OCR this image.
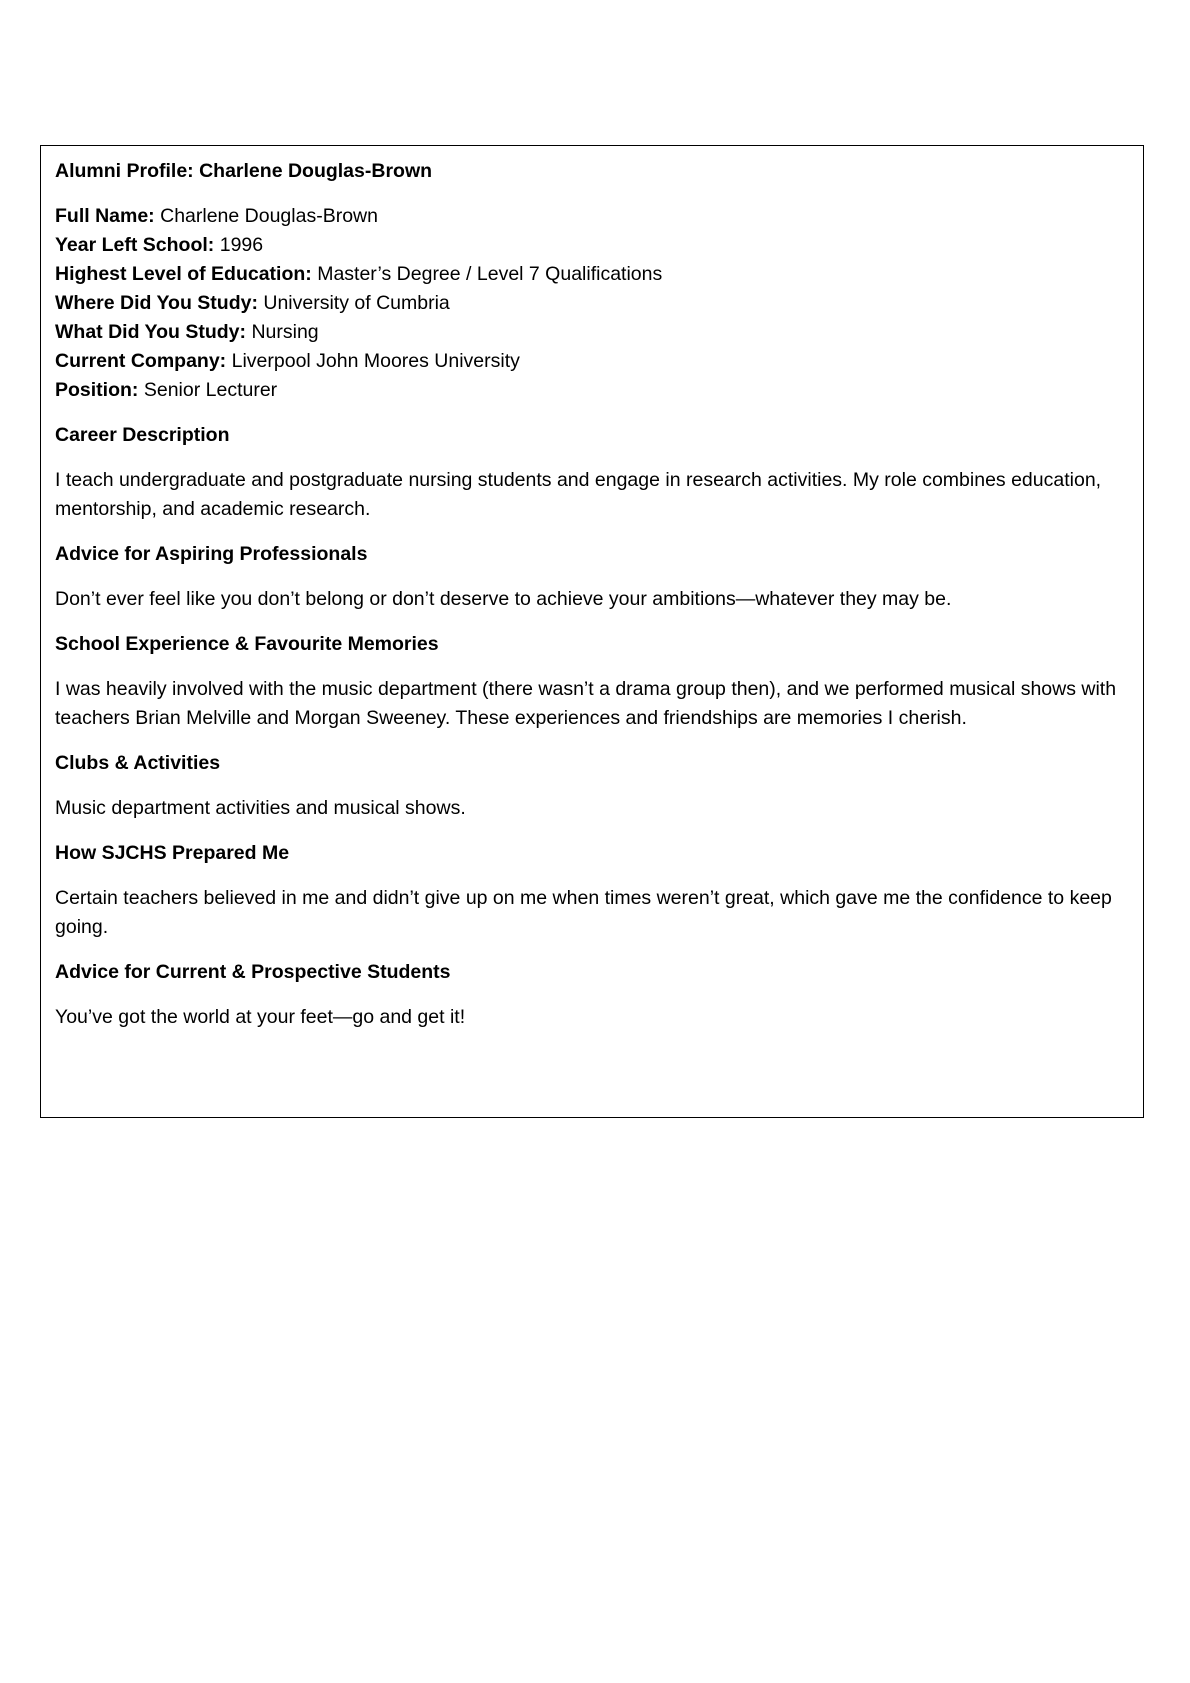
Alumni Profile: Charlene Douglas-Brown
Full Name: Charlene Douglas-Brown
Year Left School: 1996
Highest Level of Education: Master’s Degree / Level 7 Qualifications
Where Did You Study: University of Cumbria
What Did You Study: Nursing
Current Company: Liverpool John Moores University
Position: Senior Lecturer
Career Description
I teach undergraduate and postgraduate nursing students and engage in research activities. My role combines education, mentorship, and academic research.
Advice for Aspiring Professionals
Don’t ever feel like you don’t belong or don’t deserve to achieve your ambitions—whatever they may be.
School Experience & Favourite Memories
I was heavily involved with the music department (there wasn’t a drama group then), and we performed musical shows with teachers Brian Melville and Morgan Sweeney. These experiences and friendships are memories I cherish.
Clubs & Activities
Music department activities and musical shows.
How SJCHS Prepared Me
Certain teachers believed in me and didn’t give up on me when times weren’t great, which gave me the confidence to keep going.
Advice for Current & Prospective Students
You’ve got the world at your feet—go and get it!
